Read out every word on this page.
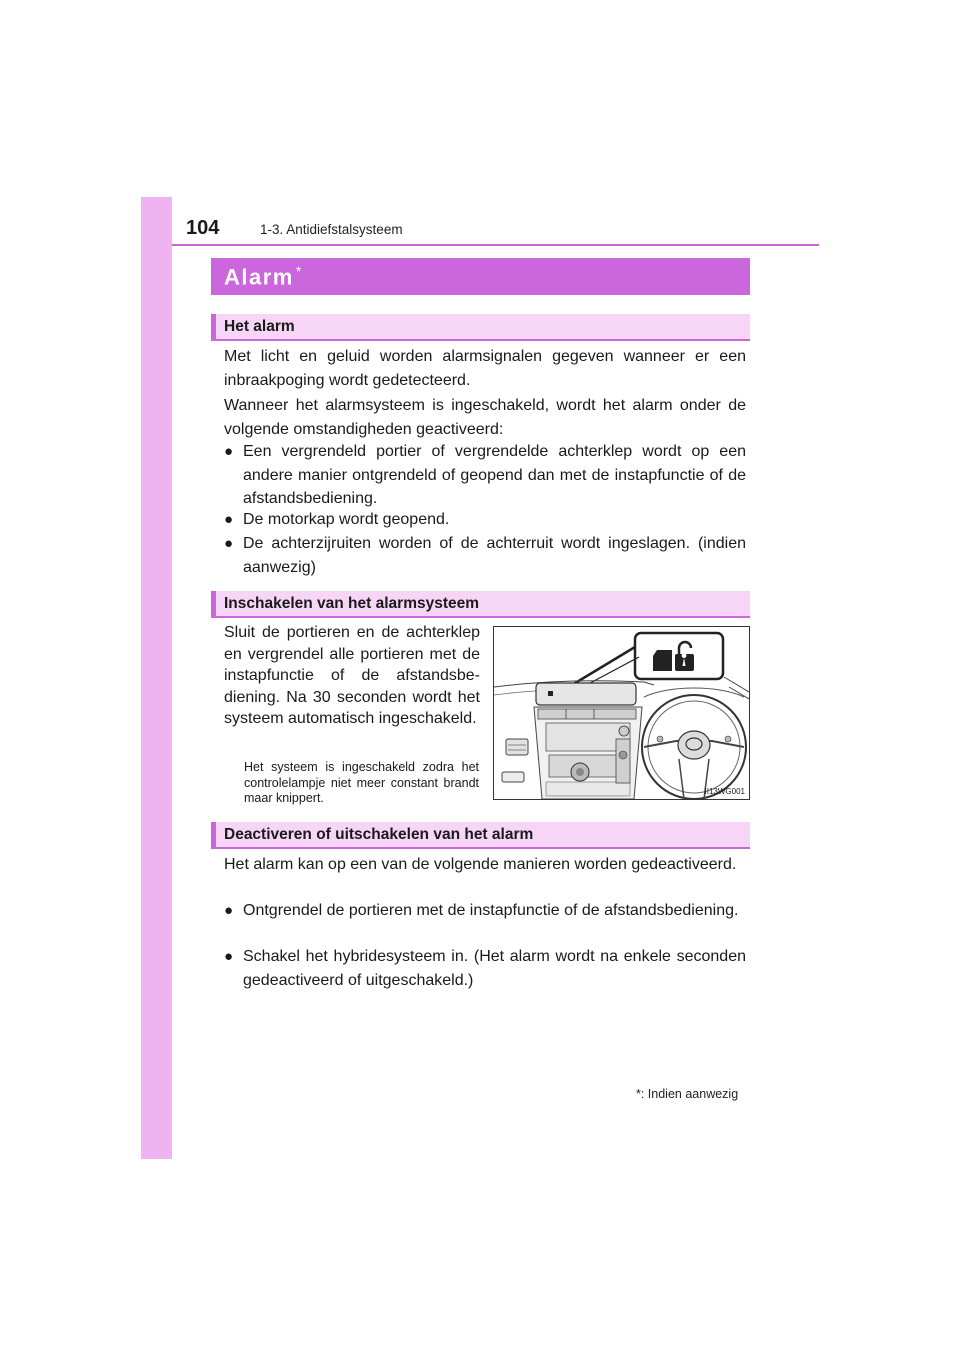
104	1-3. Antidiefstalsysteem
Alarm *
Het alarm

Met licht en geluid worden alarmsignalen gegeven wanneer er een inbraakpoging wordt gedetecteerd.

Wanneer het alarmsysteem is ingeschakeld, wordt het alarm onder de volgende omstandigheden geactiveerd:

● Een vergrendeld portier of vergrendelde achterklep wordt op een andere manier ontgrendeld of geopend dan met de instapfunctie of de afstandsbediening.

● De motorkap wordt geopend.

● De achterzijruiten worden of de achterruit wordt ingeslagen. (indien aanwezig)

Inschakelen van het alarmsysteem

Sluit de portieren en de achterklep en vergrendel alle portieren met de instapfunctie of de afstandsbediening. Na 30 seconden wordt het systeem automatisch ingeschakeld.

Het systeem is ingeschakeld zodra het controlelampje niet meer constant brandt maar knippert.	II13WG001
Deactiveren of uitschakelen van het alarm

Het alarm kan op een van de volgende manieren worden gedeactiveerd.

● Ontgrendel de portieren met de instapfunctie of de afstandsbediening.

● Schakel het hybridesysteem in. (Het alarm wordt na enkele seconden gedeactiveerd of uitgeschakeld.)

*: Indien aanwezig
